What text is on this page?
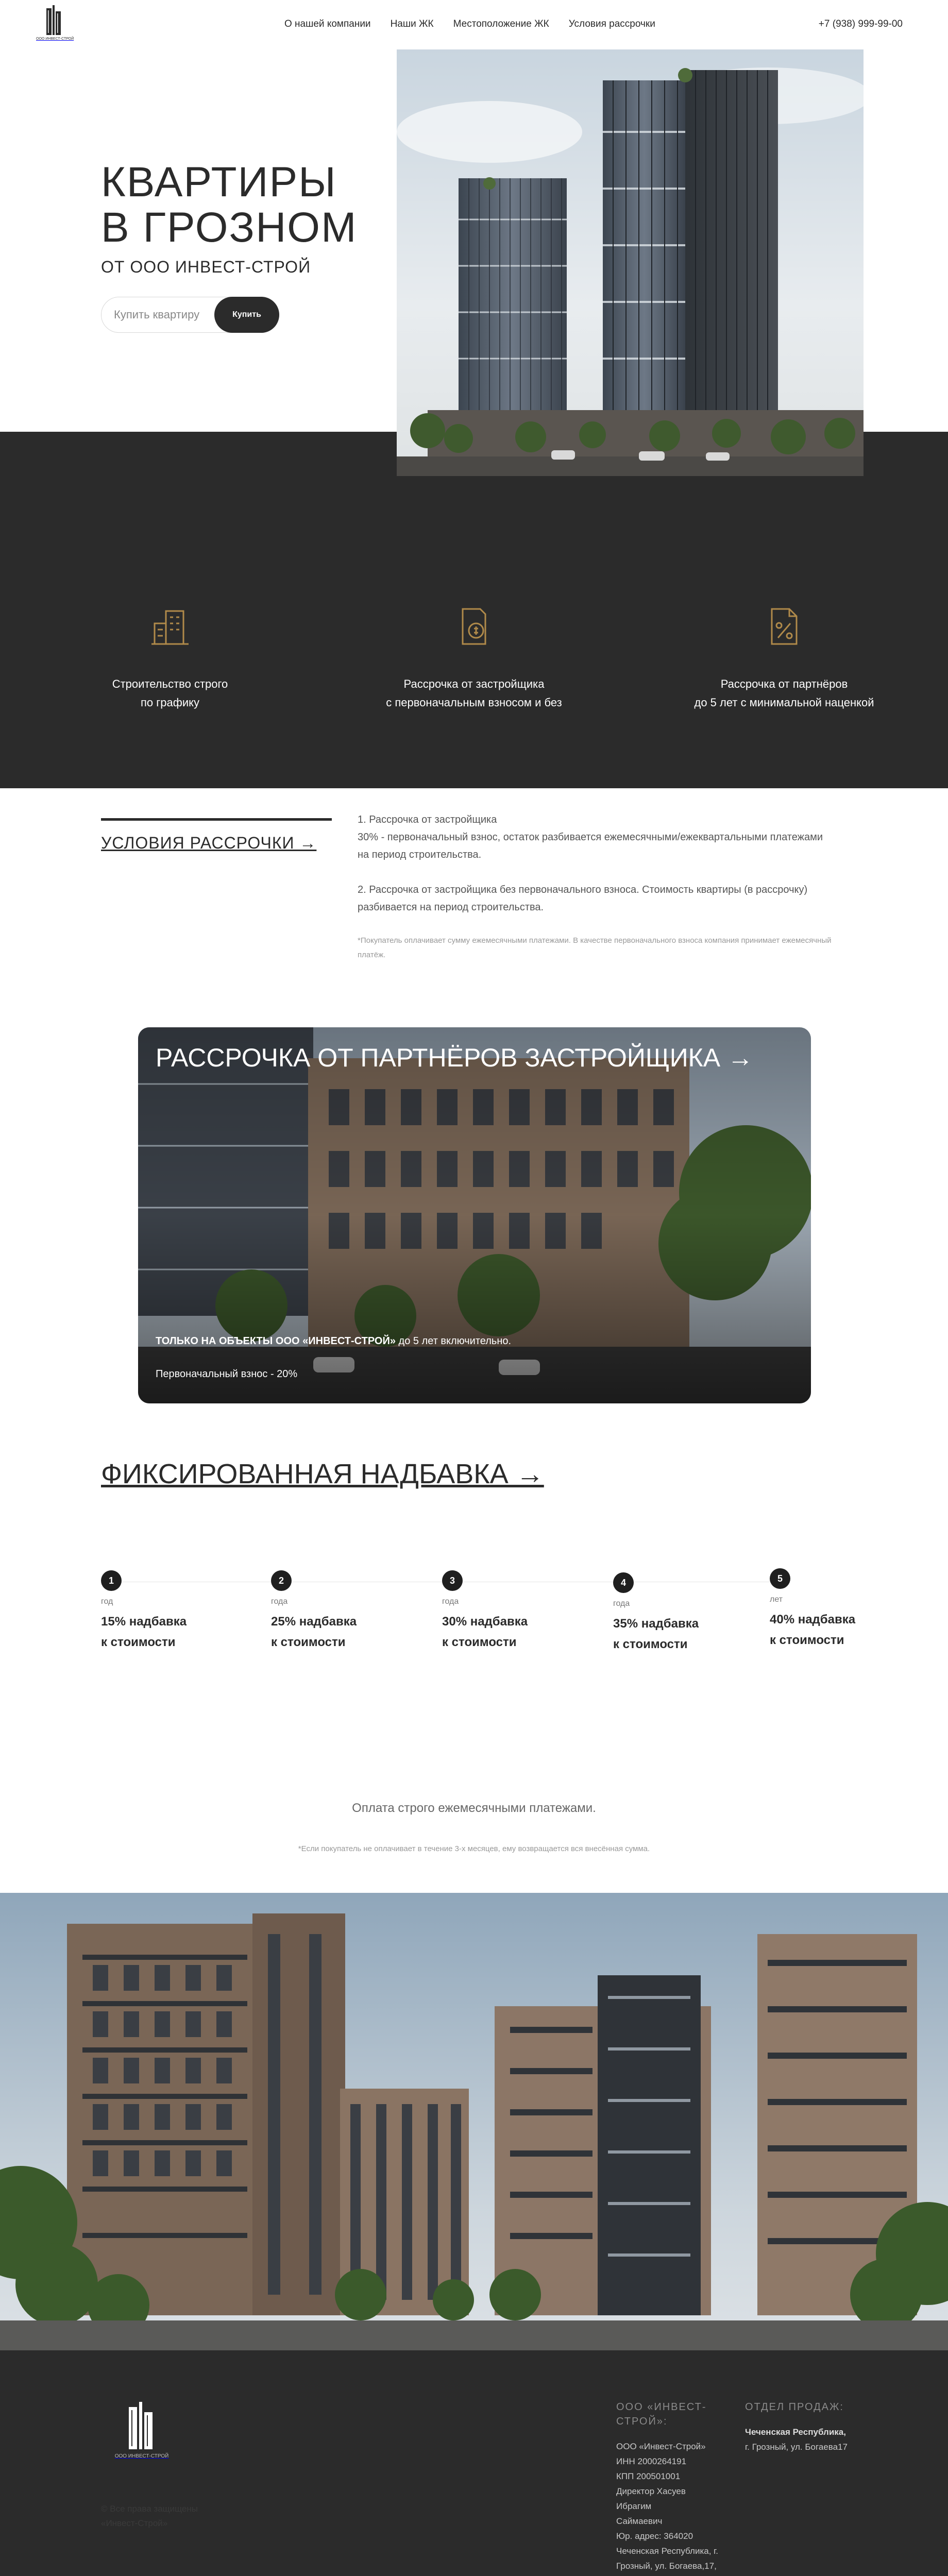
ООО ИНВЕСТ-СТРОЙ
О нашей компании Наши ЖК Местоположение ЖК Условия рассрочки	+7 (938) 999-99-00
КВАРТИРЫ
В ГРОЗНОМ
ОТ ООО ИНВЕСТ-СТРОЙ
Купить квартиру
Купить
Строительство строго
по графику
Рассрочка от застройщика
с первоначальным взносом и без
Рассрочка от партнёров
до 5 лет с минимальной наценкой
УСЛОВИЯ РАССРОЧКИ →

1. Рассрочка от застройщика
30% - первоначальный взнос, остаток разбивается ежемесячными/ежеквартальными платежами
на период строительства.

2. Рассрочка от застройщика без первоначального взноса. Стоимость квартиры (в рассрочку)
разбивается на период строительства.

*Покупатель оплачивает сумму ежемесячными платежами. В качестве первоначального взноса компания принимает ежемесячный
платёж.

РАССРОЧКА ОТ ПАРТНЁРОВ ЗАСТРОЙЩИКА →
ТОЛЬКО НА ОБЪЕКТЫ ООО «ИНВЕСТ-СТРОЙ» до 5 лет включительно.
Первоначальный взнос - 20%
ФИКСИРОВАННАЯ НАДБАВКА →
1
год
15% надбавка
к стоимости
2
года
25% надбавка
к стоимости
3
года
30% надбавка
к стоимости
4
года
35% надбавка
к стоимости
5
лет
40% надбавка
к стоимости
Оплата строго ежемесячными платежами.
*Если покупатель не оплачивает в течение 3-х месяцев, ему возвращается вся внесённая сумма.
ООО ИНВЕСТ-СТРОЙ
© Все права защищены
«Инвест-Строй»
ООО «ИНВЕСТ-СТРОЙ»:
ООО «Инвест-Строй»
ИНН 2000264191
КПП 200501001
Директор Хасуев Ибрагим
Саймаевич
Юр. адрес: 364020
Чеченская Республика, г.
Грозный, ул. Богаева,17,
ОТДЕЛ ПРОДАЖ:
Чеченская Республика, г. Грозный, ул. Богаева17
